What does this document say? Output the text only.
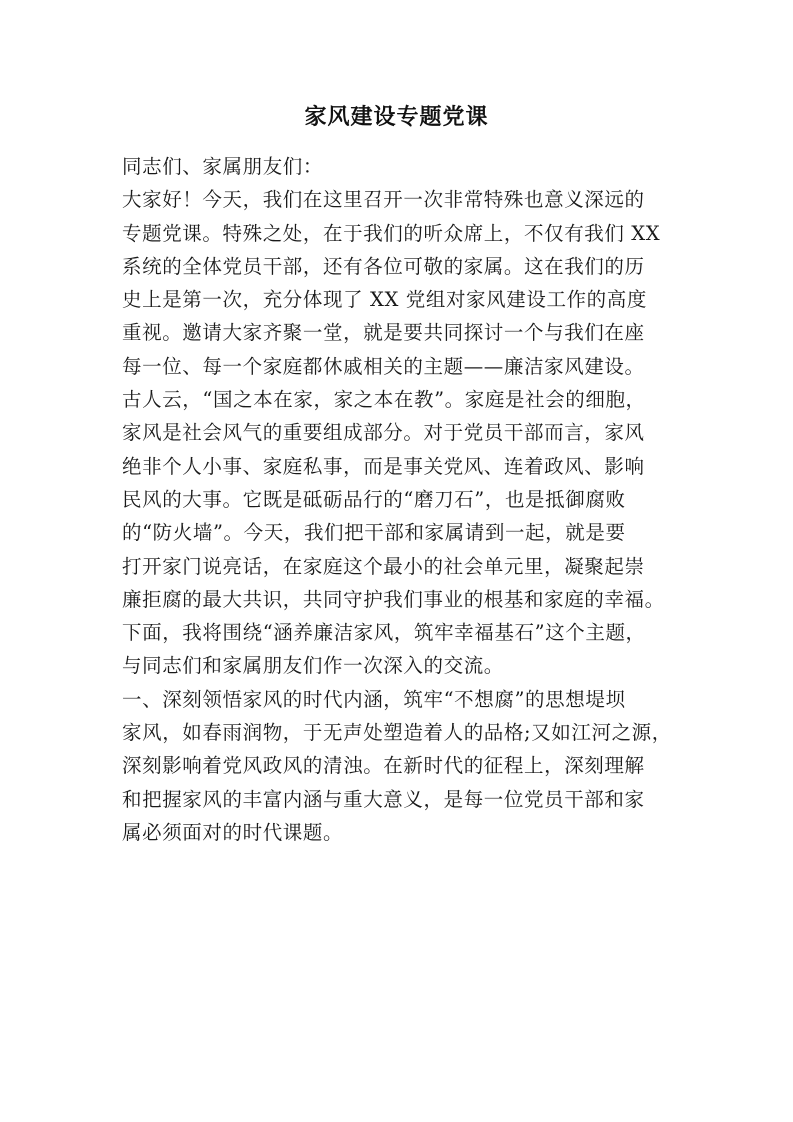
家风建设专题党课
同志们、家属朋友们：
大家好！今天，我们在这里召开一次非常特殊也意义深远的
专题党课。特殊之处，在于我们的听众席上，不仅有我们 XX
系统的全体党员干部，还有各位可敬的家属。这在我们的历
史上是第一次，充分体现了 XX 党组对家风建设工作的高度
重视。邀请大家齐聚一堂，就是要共同探讨一个与我们在座
每一位、每一个家庭都休戚相关的主题——廉洁家风建设。
古人云，“国之本在家，家之本在教”。家庭是社会的细胞，
家风是社会风气的重要组成部分。对于党员干部而言，家风
绝非个人小事、家庭私事，而是事关党风、连着政风、影响
民风的大事。它既是砥砺品行的“磨刀石”，也是抵御腐败
的“防火墙”。今天，我们把干部和家属请到一起，就是要
打开家门说亮话，在家庭这个最小的社会单元里，凝聚起崇
廉拒腐的最大共识，共同守护我们事业的根基和家庭的幸福。
下面，我将围绕“涵养廉洁家风，筑牢幸福基石”这个主题，
与同志们和家属朋友们作一次深入的交流。
一、深刻领悟家风的时代内涵，筑牢“不想腐”的思想堤坝
家风，如春雨润物，于无声处塑造着人的品格;又如江河之源，
深刻影响着党风政风的清浊。在新时代的征程上，深刻理解
和把握家风的丰富内涵与重大意义，是每一位党员干部和家
属必须面对的时代课题。
